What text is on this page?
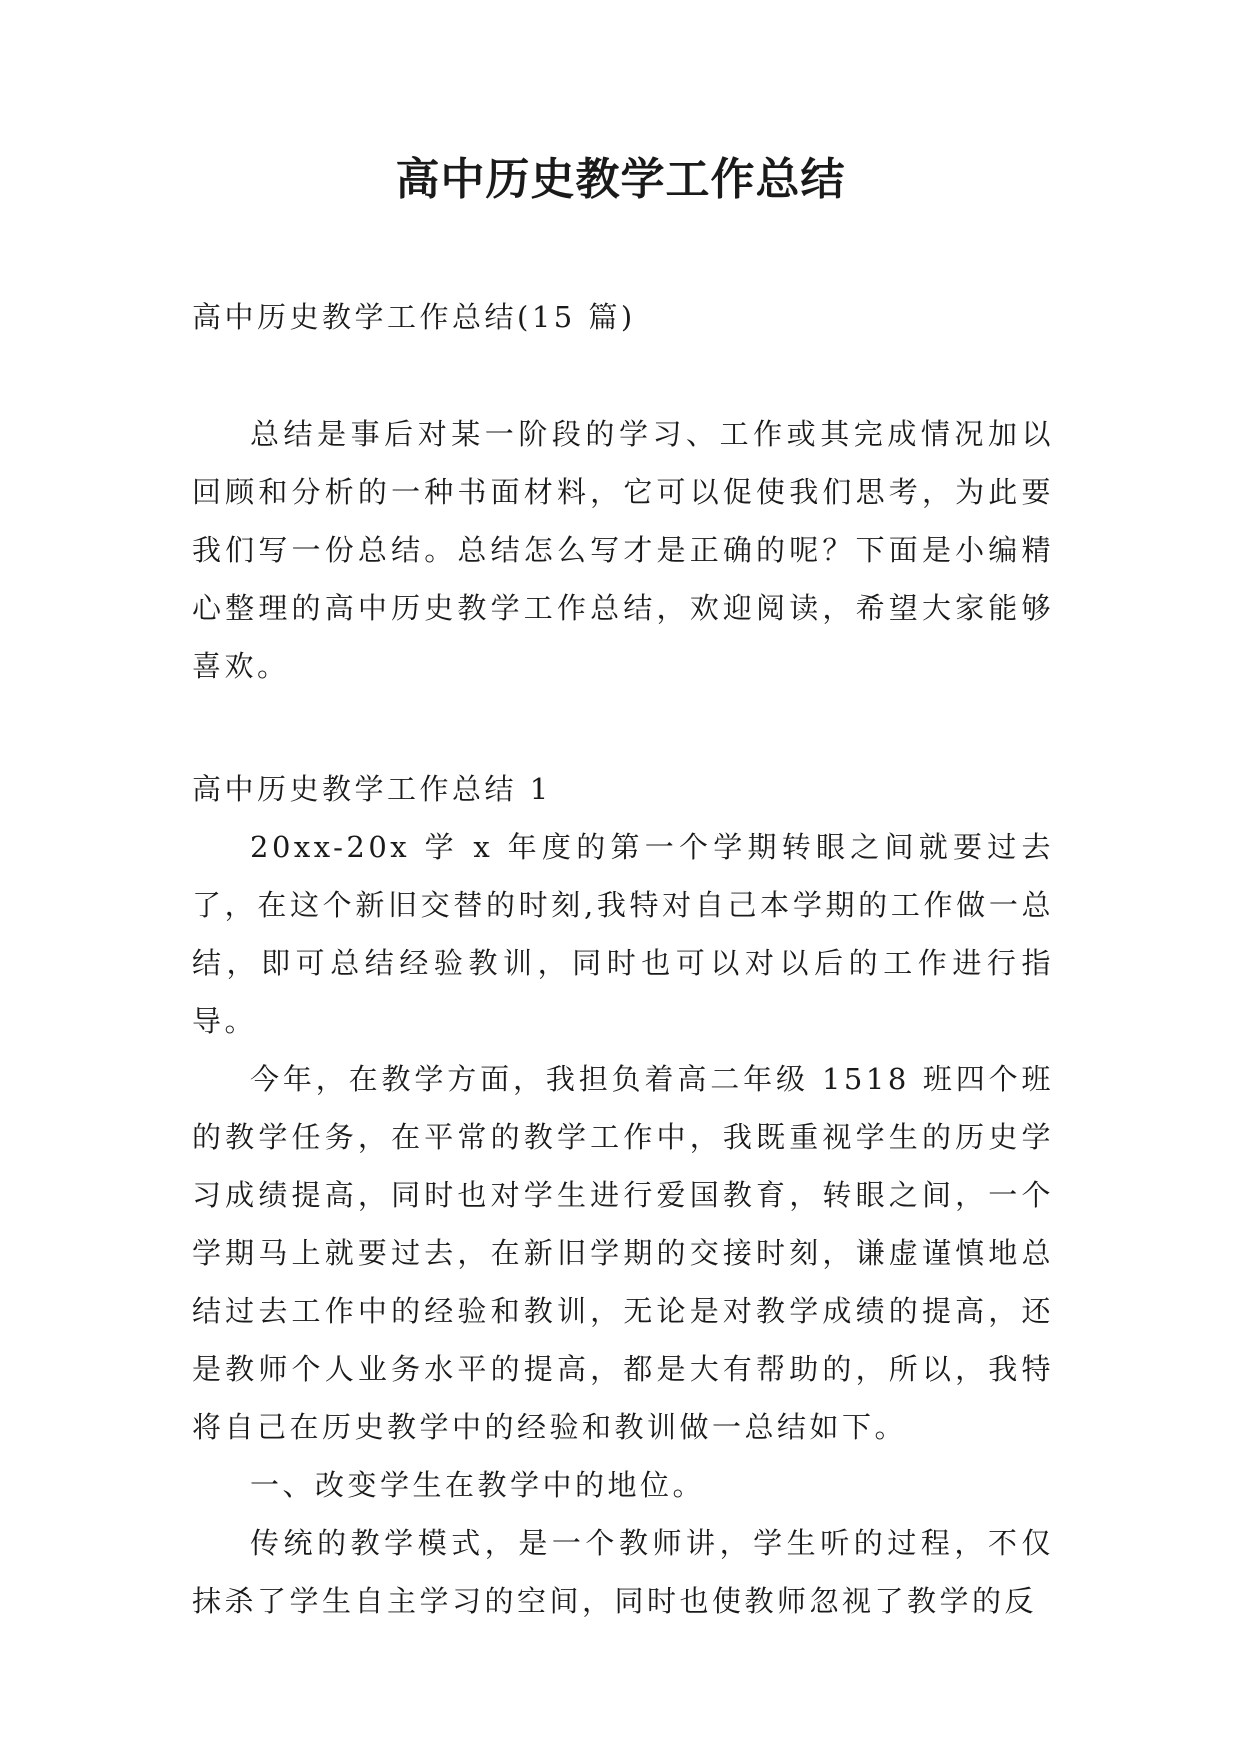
高中历史教学工作总结
高中历史教学工作总结(15 篇)

总结是事后对某一阶段的学习、工作或其完成情况加以回顾和分析的一种书面材料，它可以促使我们思考，为此要我们写一份总结。总结怎么写才是正确的呢？下面是小编精心整理的高中历史教学工作总结，欢迎阅读，希望大家能够喜欢。

高中历史教学工作总结 1

20xx-20x 学 x 年度的第一个学期转眼之间就要过去了，在这个新旧交替的时刻,我特对自己本学期的工作做一总结，即可总结经验教训，同时也可以对以后的工作进行指导。

今年，在教学方面，我担负着高二年级 1518 班四个班的教学任务，在平常的教学工作中，我既重视学生的历史学习成绩提高，同时也对学生进行爱国教育，转眼之间，一个学期马上就要过去，在新旧学期的交接时刻，谦虚谨慎地总结过去工作中的经验和教训，无论是对教学成绩的提高，还是教师个人业务水平的提高，都是大有帮助的，所以，我特将自己在历史教学中的经验和教训做一总结如下。

一、改变学生在教学中的地位。

传统的教学模式，是一个教师讲，学生听的过程，不仅抹杀了学生自主学习的空间，同时也使教师忽视了教学的反
